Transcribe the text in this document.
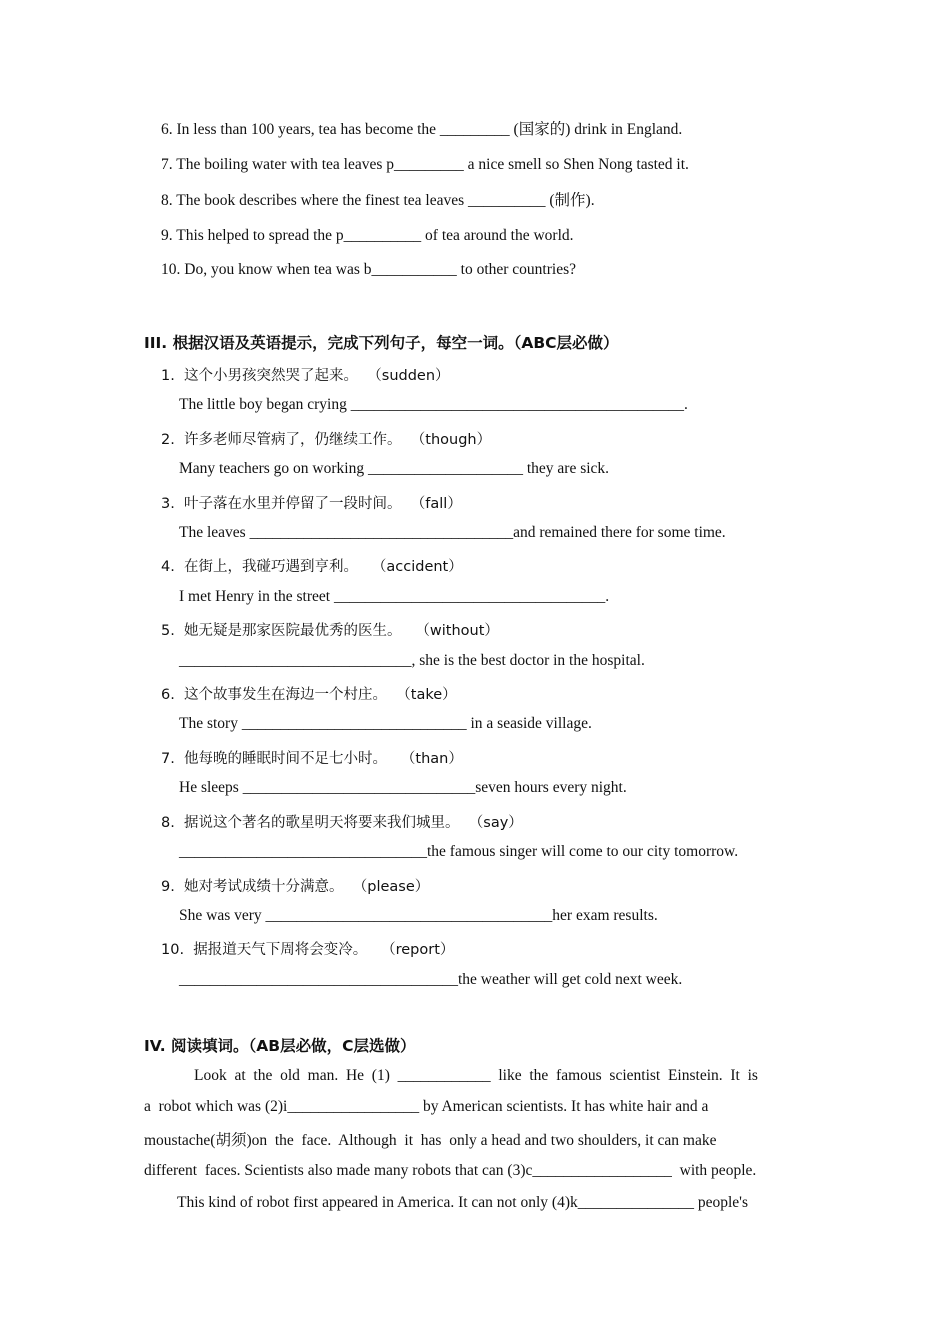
6. In less than 100 years, tea has become the _________ (国家的) drink in England.
7. The boiling water with tea leaves p_________ a nice smell so Shen Nong tasted it.
8. The book describes where the finest tea leaves __________ (制作).
9. This helped to spread the p__________ of tea around the world.
10. Do, you know when tea was b___________ to other countries?
III. 根据汉语及英语提示，完成下列句子，每空一词。（ABC层必做）
1.  这个小男孩突然哭了起来。  （sudden）
The little boy began crying ___________________________________________.
2.  许多老师尽管病了，仍继续工作。  （though）
Many teachers go on working ____________________ they are sick.
3.  叶子落在水里并停留了一段时间。  （fall）
The leaves __________________________________and remained there for some time.
4.  在街上，我碰巧遇到亨利。   （accident）
I met Henry in the street ___________________________________.
5.  她无疑是那家医院最优秀的医生。   （without）
______________________________, she is the best doctor in the hospital.
6.  这个故事发生在海边一个村庄。  （take）
The story _____________________________ in a seaside village.
7.  他每晚的睡眠时间不足七小时。   （than）
He sleeps ______________________________seven hours every night.
8.  据说这个著名的歌星明天将要来我们城里。  （say）
________________________________the famous singer will come to our city tomorrow.
9.  她对考试成绩十分满意。  （please）
She was very _____________________________________her exam results.
10.  据报道天气下周将会变冷。   （report）
____________________________________the weather will get cold next week.
IV. 阅读填词。（AB层必做，C层选做）
Look  at  the  old  man.  He  (1)  ____________  like  the  famous  scientist  Einstein.  It  is
a  robot which was (2)i_________________ by American scientists. It has white hair and a
moustache(胡须)on  the  face.  Although  it  has  only a head and two shoulders, it can make
different  faces. Scientists also made many robots that can (3)c__________________  with people.
This kind of robot first appeared in America. It can not only (4)k_______________ people's
